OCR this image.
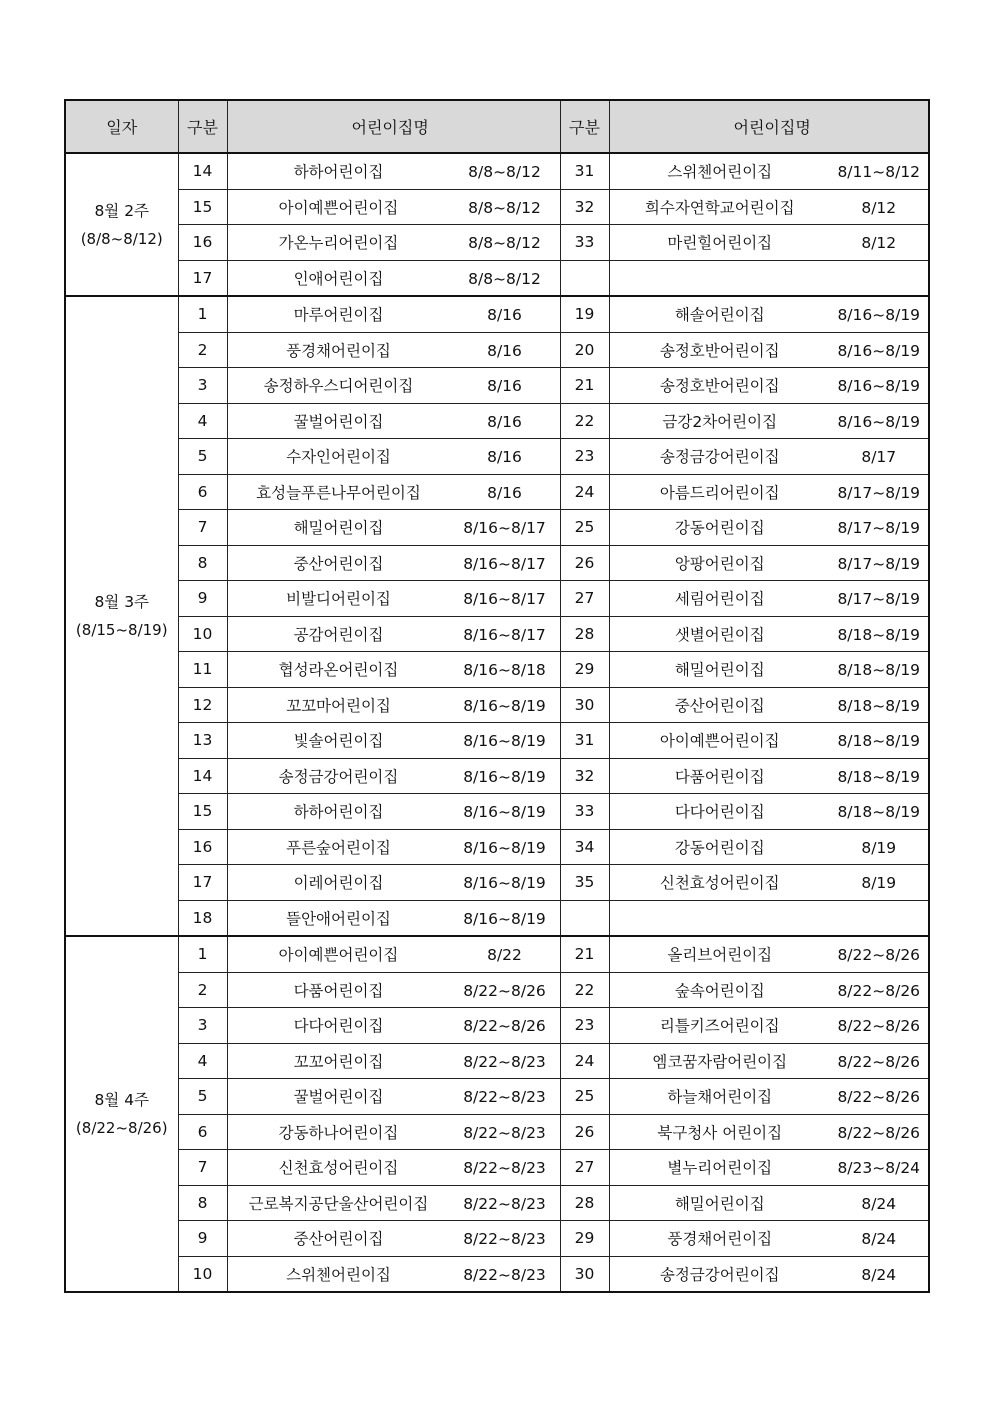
일자	구분	어린이집명	구분	어린이집명

8월 2주
(8/8~8/12)	14	하하어린이집 8/8~8/12	31	스위첸어린이집 8/11~8/12
	15	아이예쁜어린이집 8/8~8/12	32	희수자연학교어린이집 8/12
	16	가온누리어린이집 8/8~8/12	33	마린힐어린이집 8/12
	17	인애어린이집 8/8~8/12		

8월 3주
(8/15~8/19)	1	마루어린이집 8/16	19	해솔어린이집 8/16~8/19
	2	풍경채어린이집 8/16	20	송정호반어린이집 8/16~8/19
	3	송정하우스디어린이집 8/16	21	송정호반어린이집 8/16~8/19
	4	꿀벌어린이집 8/16	22	금강2차어린이집 8/16~8/19
	5	수자인어린이집 8/16	23	송정금강어린이집 8/17
	6	효성늘푸른나무어린이집 8/16	24	아름드리어린이집 8/17~8/19
	7	해밀어린이집 8/16~8/17	25	강동어린이집 8/17~8/19
	8	중산어린이집 8/16~8/17	26	앙팡어린이집 8/17~8/19
	9	비발디어린이집 8/16~8/17	27	세림어린이집 8/17~8/19
	10	공감어린이집 8/16~8/17	28	샛별어린이집 8/18~8/19
	11	협성라온어린이집 8/16~8/18	29	해밀어린이집 8/18~8/19
	12	꼬꼬마어린이집 8/16~8/19	30	중산어린이집 8/18~8/19
	13	빛솔어린이집 8/16~8/19	31	아이예쁜어린이집 8/18~8/19
	14	송정금강어린이집 8/16~8/19	32	다품어린이집 8/18~8/19
	15	하하어린이집 8/16~8/19	33	다다어린이집 8/18~8/19
	16	푸른숲어린이집 8/16~8/19	34	강동어린이집 8/19
	17	이레어린이집 8/16~8/19	35	신천효성어린이집 8/19
	18	뜰안애어린이집 8/16~8/19		

8월 4주
(8/22~8/26)	1	아이예쁜어린이집 8/22	21	올리브어린이집 8/22~8/26
	2	다품어린이집 8/22~8/26	22	숲속어린이집 8/22~8/26
	3	다다어린이집 8/22~8/26	23	리틀키즈어린이집 8/22~8/26
	4	꼬꼬어린이집 8/22~8/23	24	엠코꿈자람어린이집 8/22~8/26
	5	꿀벌어린이집 8/22~8/23	25	하늘채어린이집 8/22~8/26
	6	강동하나어린이집 8/22~8/23	26	북구청사 어린이집 8/22~8/26
	7	신천효성어린이집 8/22~8/23	27	별누리어린이집 8/23~8/24
	8	근로복지공단울산어린이집 8/22~8/23	28	해밀어린이집 8/24
	9	중산어린이집 8/22~8/23	29	풍경채어린이집 8/24
	10	스위첸어린이집 8/22~8/23	30	송정금강어린이집 8/24
